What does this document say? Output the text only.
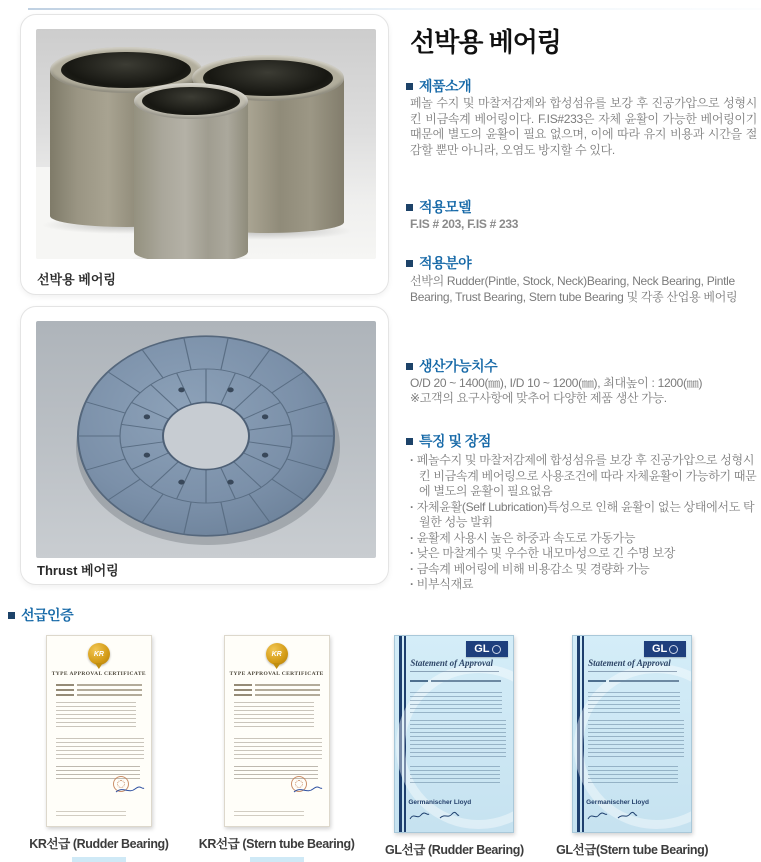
선박용 베어링
Thrust 베어링
선박용 베어링
제품소개
페놀 수지 및 마찰저감제와 합성섬유를 보강 후 진공가압으로 성형시킨 비금속계 베어링이다. F.IS#233은 자체 윤활이 가능한 베어링이기 때문에 별도의 윤활이 필요 없으며, 이에 따라 유지 비용과 시간을 절감할 뿐만 아니라, 오염도 방지할 수 있다.
적용모델
F.IS # 203, F.IS # 233
적용분야
선박의 Rudder(Pintle, Stock, Neck)Bearing, Neck Bearing, Pintle Bearing, Trust Bearing, Stern tube Bearing 및 각종 산업용 베어링
생산가능치수
O/D 20 ~ 1400(㎜), I/D 10 ~ 1200(㎜), 최대높이 : 1200(㎜)
※고객의 요구사항에 맞추어 다양한 제품 생산 가능.
특징 및 장점
· 페놀수지 및 마찰저감제에 합성섬유를 보강 후 진공가압으로 성형시킨 비금속계 베어링으로 사용조건에 따라 자체윤활이 가능하기 때문에 별도의 윤활이 필요없음
· 자체윤활(Self Lubrication)특성으로 인해 윤활이 없는 상태에서도 탁월한 성능 발휘
· 윤활제 사용시 높은 하중과 속도로 가동가능
· 낮은 마찰계수 및 우수한 내모마성으로 긴 수명 보장
· 금속계 베어링에 비해 비용감소 및 경량화 가능
· 비부식재료
선급인증
KR
TYPE APPROVAL CERTIFICATE
KR선급 (Rudder Bearing)
KR
TYPE APPROVAL CERTIFICATE
KR선급 (Stern tube Bearing)
GL
Statement of Approval
Germanischer Lloyd
GL선급 (Rudder Bearing)
GL
Statement of Approval
Germanischer Lloyd
GL선급(Stern tube Bearing)
